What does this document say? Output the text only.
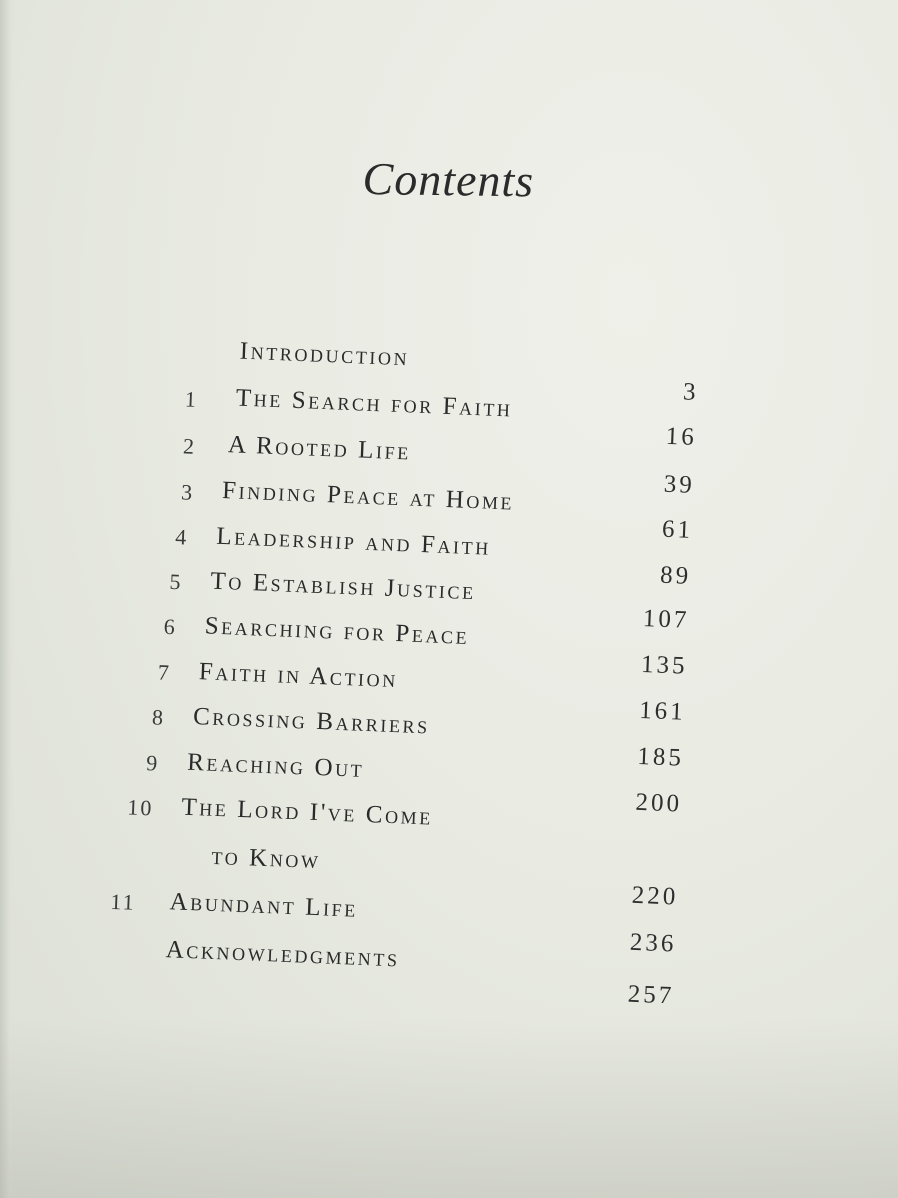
Contents
Introduction
3
1 The Search for Faith
16
2 A Rooted Life
39
3 Finding Peace at Home
61
4 Leadership and Faith
89
5 To Establish Justice
107
6 Searching for Peace
135
7 Faith in Action
161
8 Crossing Barriers
185
9 Reaching Out
200
10 The Lord I've Come
to Know
220
11 Abundant Life
236
Acknowledgments
257
